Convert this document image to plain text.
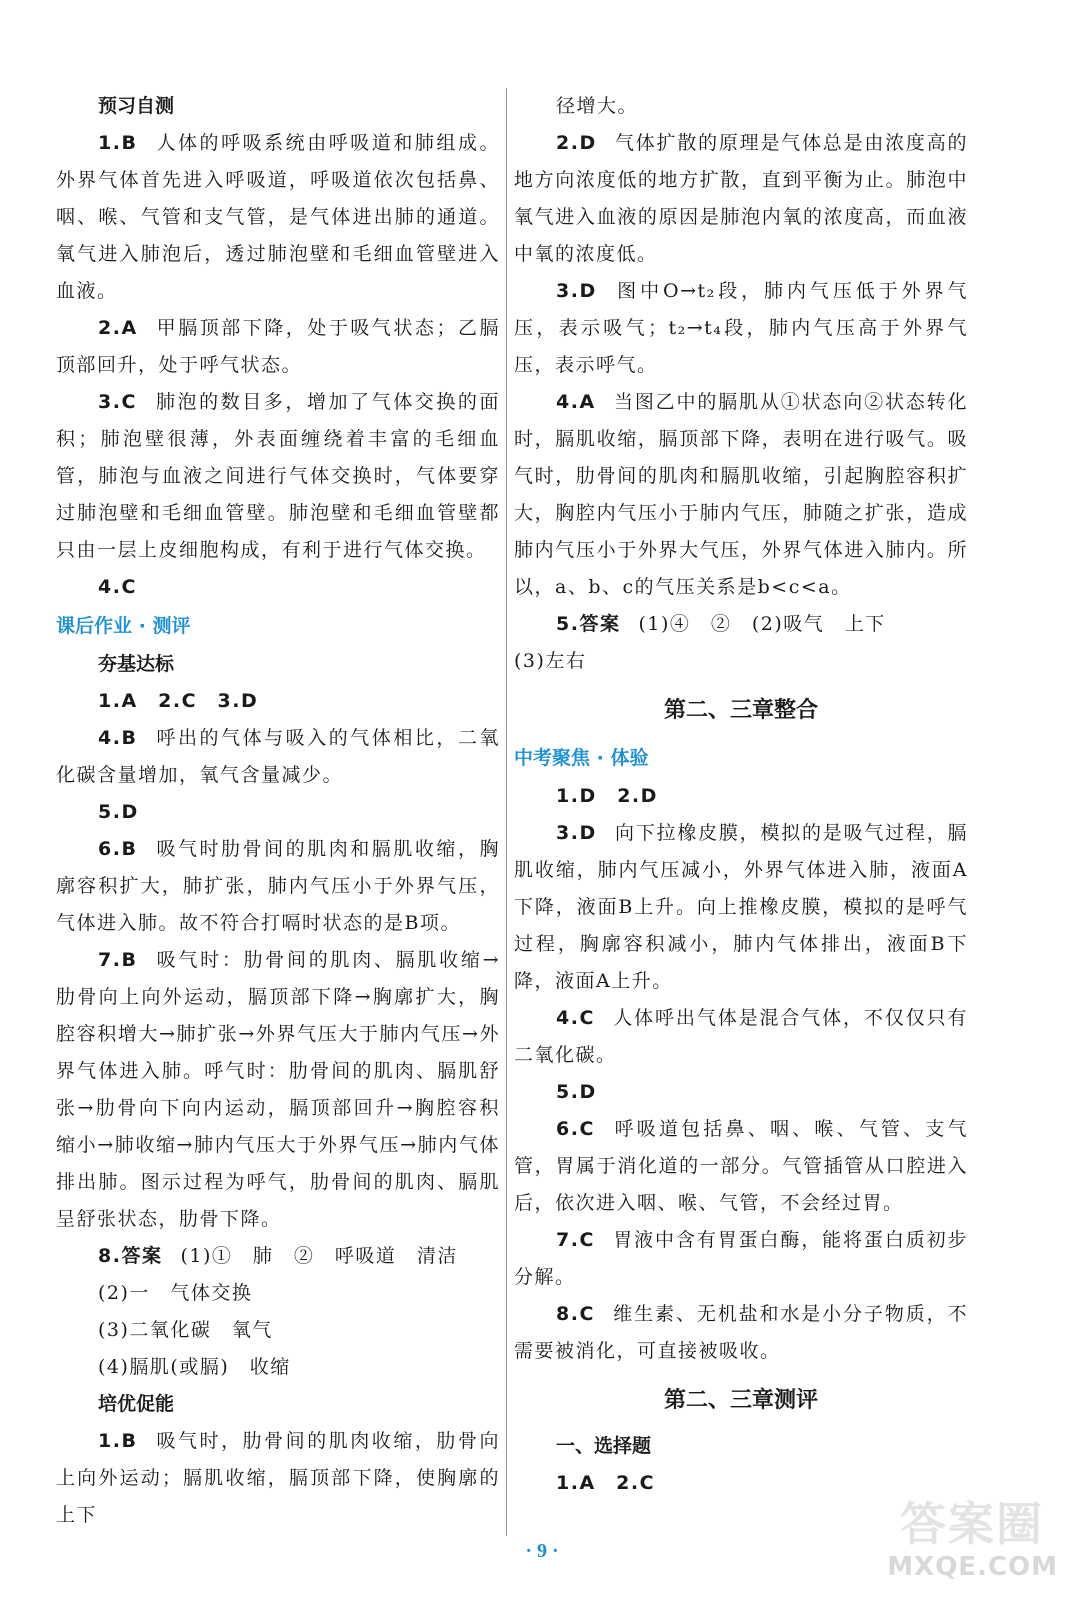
预习自测

1.B 人体的呼吸系统由呼吸道和肺组成。外界气体首先进入呼吸道，呼吸道依次包括鼻、咽、喉、气管和支气管，是气体进出肺的通道。氧气进入肺泡后，透过肺泡壁和毛细血管壁进入血液。

2.A 甲膈顶部下降，处于吸气状态；乙膈顶部回升，处于呼气状态。

3.C 肺泡的数目多，增加了气体交换的面积；肺泡壁很薄，外表面缠绕着丰富的毛细血管，肺泡与血液之间进行气体交换时，气体要穿过肺泡壁和毛细血管壁。肺泡壁和毛细血管壁都只由一层上皮细胞构成，有利于进行气体交换。

4.C

课后作业 · 测评

夯基达标

1.A　2.C　3.D

4.B 呼出的气体与吸入的气体相比，二氧化碳含量增加，氧气含量减少。

5.D

6.B 吸气时肋骨间的肌肉和膈肌收缩，胸廓容积扩大，肺扩张，肺内气压小于外界气压，气体进入肺。故不符合打嗝时状态的是B项。

7.B 吸气时：肋骨间的肌肉、膈肌收缩→肋骨向上向外运动，膈顶部下降→胸廓扩大，胸腔容积增大→肺扩张→外界气压大于肺内气压→外界气体进入肺。呼气时：肋骨间的肌肉、膈肌舒张→肋骨向下向内运动，膈顶部回升→胸腔容积缩小→肺收缩→肺内气压大于外界气压→肺内气体排出肺。图示过程为呼气，肋骨间的肌肉、膈肌呈舒张状态，肋骨下降。

8.答案 (1)①　肺　②　呼吸道　清洁

(2)一　气体交换

(3)二氧化碳　氧气

(4)膈肌(或膈)　收缩

培优促能

1.B 吸气时，肋骨间的肌肉收缩，肋骨向上向外运动；膈肌收缩，膈顶部下降，使胸廓的上下

径增大。

2.D 气体扩散的原理是气体总是由浓度高的地方向浓度低的地方扩散，直到平衡为止。肺泡中氧气进入血液的原因是肺泡内氧的浓度高，而血液中氧的浓度低。

3.D 图中O→t₂段，肺内气压低于外界气压，表示吸气；t₂→t₄段，肺内气压高于外界气压，表示呼气。

4.A 当图乙中的膈肌从①状态向②状态转化时，膈肌收缩，膈顶部下降，表明在进行吸气。吸气时，肋骨间的肌肉和膈肌收缩，引起胸腔容积扩大，胸腔内气压小于肺内气压，肺随之扩张，造成肺内气压小于外界大气压，外界气体进入肺内。所以，a、b、c的气压关系是b<c<a。

5.答案 (1)④　②　(2)吸气　上下

(3)左右

第二、三章整合

中考聚焦 · 体验

1.D　2.D

3.D 向下拉橡皮膜，模拟的是吸气过程，膈肌收缩，肺内气压减小，外界气体进入肺，液面A下降，液面B上升。向上推橡皮膜，模拟的是呼气过程，胸廓容积减小，肺内气体排出，液面B下降，液面A上升。

4.C 人体呼出气体是混合气体，不仅仅只有二氧化碳。

5.D

6.C 呼吸道包括鼻、咽、喉、气管、支气管，胃属于消化道的一部分。气管插管从口腔进入后，依次进入咽、喉、气管，不会经过胃。

7.C 胃液中含有胃蛋白酶，能将蛋白质初步分解。

8.C 维生素、无机盐和水是小分子物质，不需要被消化，可直接被吸收。

第二、三章测评

一、选择题

1.A　2.C

答案圈
MXQE.COM
· 9 ·
